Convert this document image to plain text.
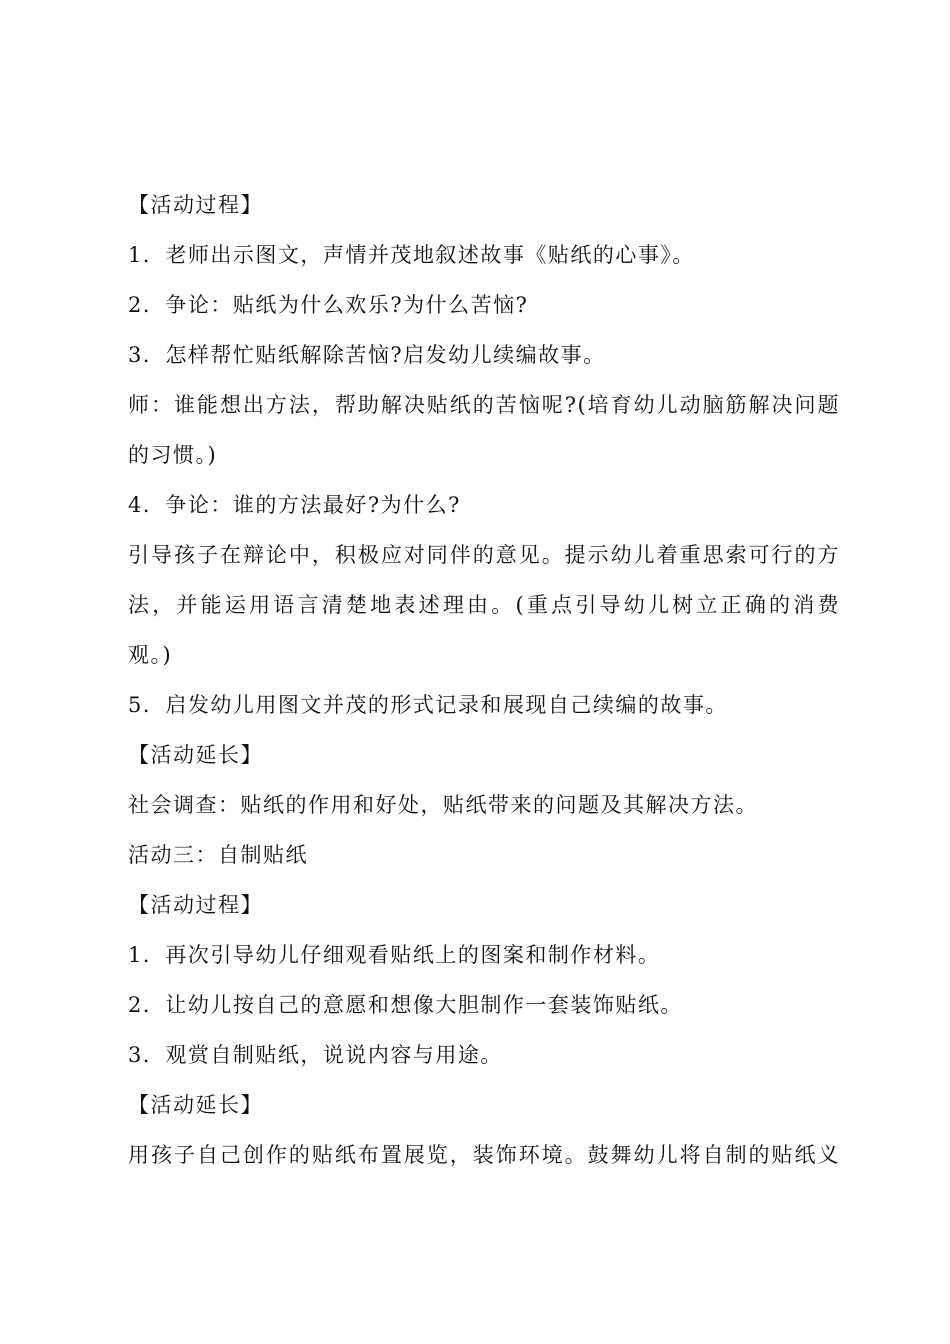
【活动过程】
1．老师出示图文，声情并茂地叙述故事《贴纸的心事》。
2．争论：贴纸为什么欢乐?为什么苦恼?
3．怎样帮忙贴纸解除苦恼?启发幼儿续编故事。
师：谁能想出方法，帮助解决贴纸的苦恼呢?(培育幼儿动脑筋解决问题
的习惯。)
4．争论：谁的方法最好?为什么?
引导孩子在辩论中，积极应对同伴的意见。提示幼儿着重思索可行的方
法，并能运用语言清楚地表述理由。(重点引导幼儿树立正确的消费
观。)
5．启发幼儿用图文并茂的形式记录和展现自己续编的故事。
【活动延长】
社会调查：贴纸的作用和好处，贴纸带来的问题及其解决方法。
活动三：自制贴纸
【活动过程】
1．再次引导幼儿仔细观看贴纸上的图案和制作材料。
2．让幼儿按自己的意愿和想像大胆制作一套装饰贴纸。
3．观赏自制贴纸，说说内容与用途。
【活动延长】
用孩子自己创作的贴纸布置展览，装饰环境。鼓舞幼儿将自制的贴纸义
